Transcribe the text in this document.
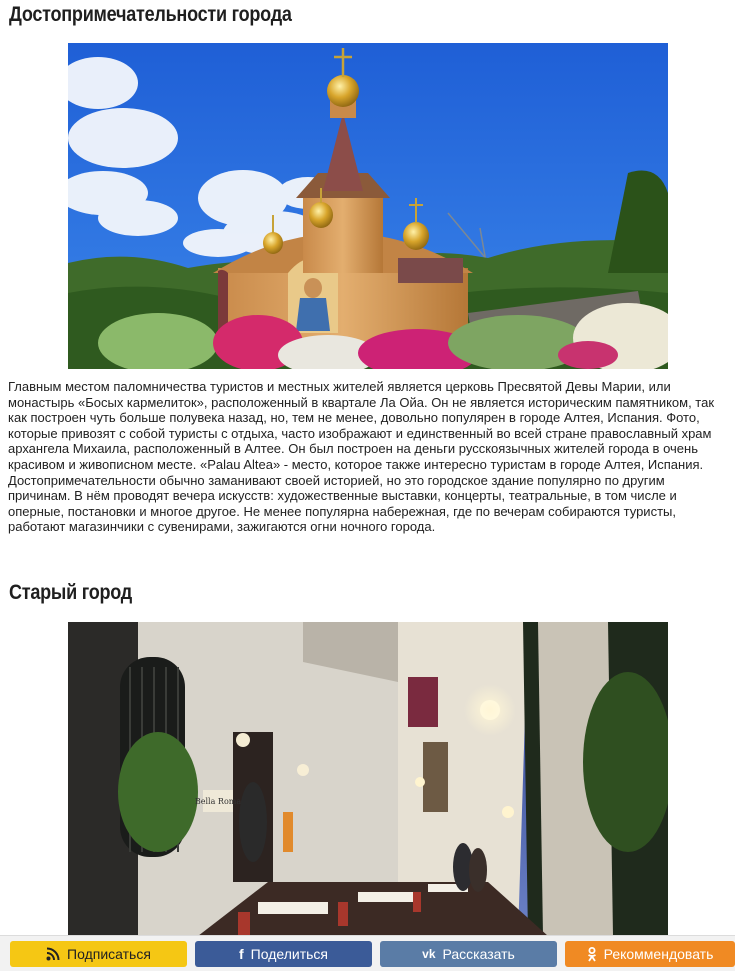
Достопримечательности города
Главным местом паломничества туристов и местных жителей является церковь Пресвятой Девы Марии, или монастырь «Босых кармелиток», расположенный в квартале Ла Ойа. Он не является историческим памятником, так как построен чуть больше полувека назад, но, тем не менее, довольно популярен в городе Алтея, Испания. Фото, которые привозят с собой туристы с отдыха, часто изображают и единственный во всей стране православный храм архангела Михаила, расположенный в Алтее. Он был построен на деньги русскоязычных жителей города в очень красивом и живописном месте. «Palau Altea» - место, которое также интересно туристам в городе Алтея, Испания. Достопримечательности обычно заманивают своей историей, но это городское здание популярно по другим причинам. В нём проводят вечера искусств: художественные выставки, концерты, театральные, в том числе и оперные, постановки и многое другое. Не менее популярна набережная, где по вечерам собираются туристы, работают магазинчики с сувенирами, зажигаются огни ночного города.
Старый город
Bella Roma
Подписаться	f Поделиться	vk Рассказать	Рекоммендовать
